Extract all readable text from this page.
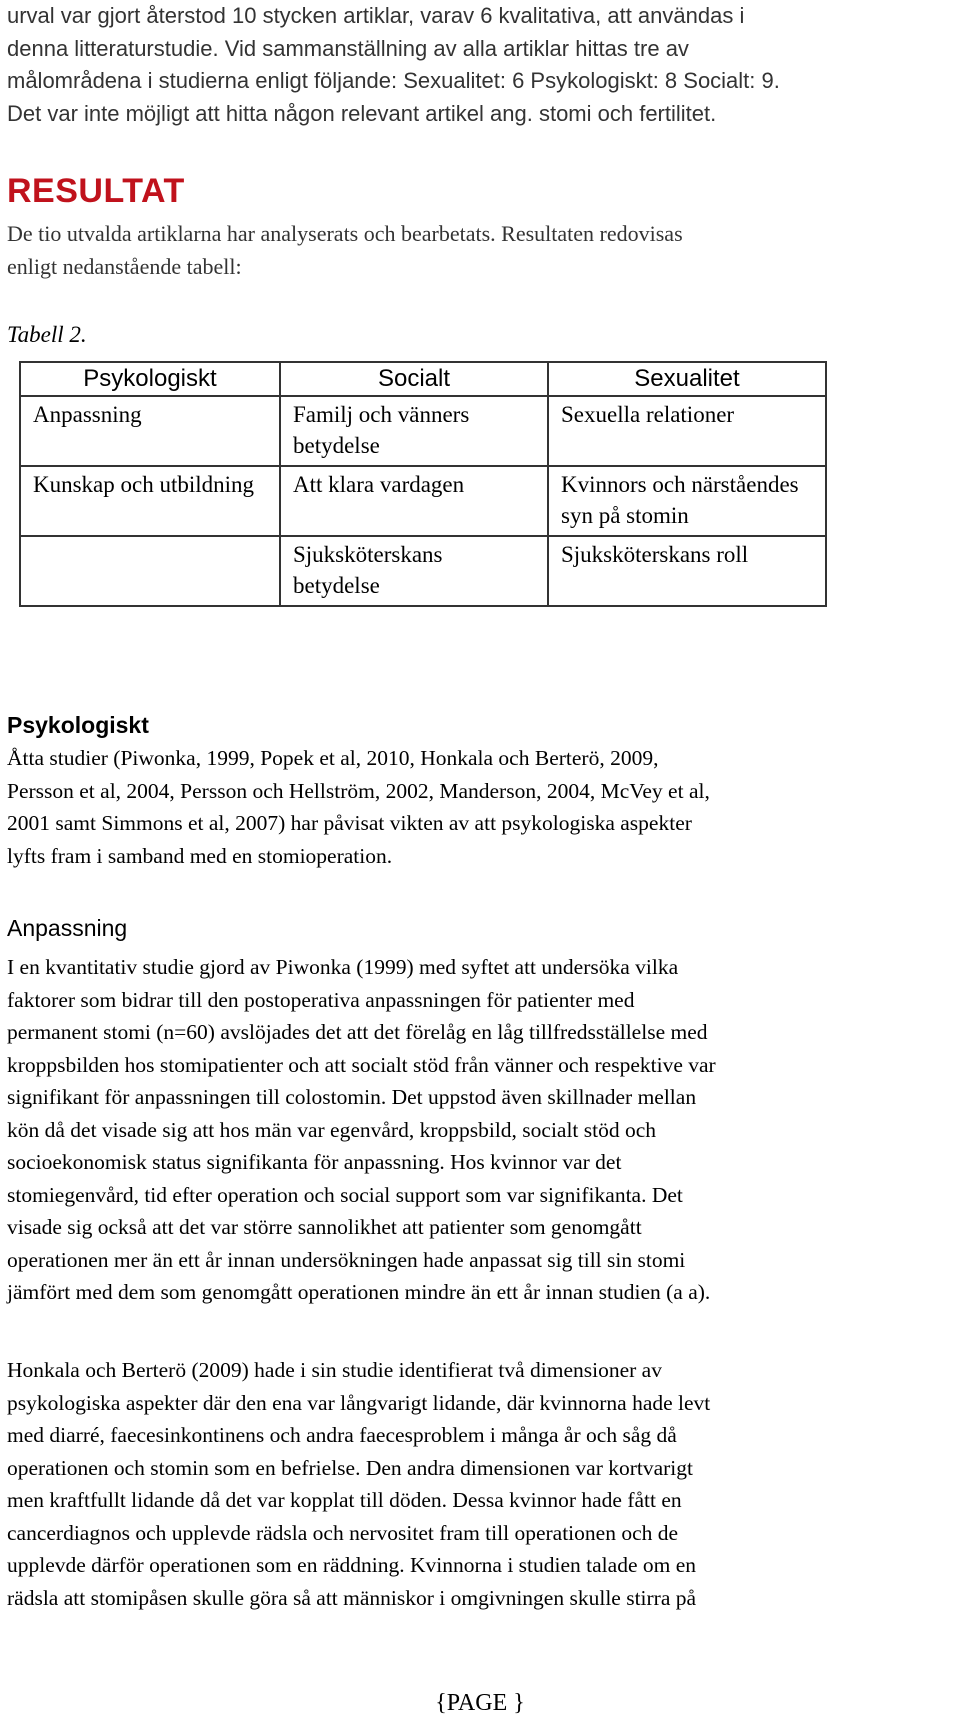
urval var gjort återstod 10 stycken artiklar, varav 6 kvalitativa, att användas i
denna litteraturstudie. Vid sammanställning av alla artiklar hittas tre av
målområdena i studierna enligt följande: Sexualitet: 6 Psykologiskt: 8 Socialt: 9.
Det var inte möjligt att hitta någon relevant artikel ang. stomi och fertilitet.
RESULTAT
De tio utvalda artiklarna har analyserats och bearbetats. Resultaten redovisas
enligt nedanstående tabell:
Tabell 2.
Psykologiskt	Socialt	Sexualitet
Anpassning	Familj och vänners betydelse	Sexuella relationer
Kunskap och utbildning	Att klara vardagen	Kvinnors och närståendes syn på stomin
	Sjuksköterskans betydelse	Sjuksköterskans roll
Psykologiskt
Åtta studier (Piwonka, 1999, Popek et al, 2010, Honkala och Berterö, 2009,
Persson et al, 2004, Persson och Hellström, 2002, Manderson, 2004, McVey et al,
2001 samt Simmons et al, 2007) har påvisat vikten av att psykologiska aspekter
lyfts fram i samband med en stomioperation.
Anpassning
I en kvantitativ studie gjord av Piwonka (1999) med syftet att undersöka vilka
faktorer som bidrar till den postoperativa anpassningen för patienter med
permanent stomi (n=60) avslöjades det att det förelåg en låg tillfredsställelse med
kroppsbilden hos stomipatienter och att socialt stöd från vänner och respektive var
signifikant för anpassningen till colostomin. Det uppstod även skillnader mellan
kön då det visade sig att hos män var egenvård, kroppsbild, socialt stöd och
socioekonomisk status signifikanta för anpassning. Hos kvinnor var det
stomiegenvård, tid efter operation och social support som var signifikanta. Det
visade sig också att det var större sannolikhet att patienter som genomgått
operationen mer än ett år innan undersökningen hade anpassat sig till sin stomi
jämfört med dem som genomgått operationen mindre än ett år innan studien (a a).
Honkala och Berterö (2009) hade i sin studie identifierat två dimensioner av
psykologiska aspekter där den ena var långvarigt lidande, där kvinnorna hade levt
med diarré, faecesinkontinens och andra faecesproblem i många år och såg då
operationen och stomin som en befrielse. Den andra dimensionen var kortvarigt
men kraftfullt lidande då det var kopplat till döden. Dessa kvinnor hade fått en
cancerdiagnos och upplevde rädsla och nervositet fram till operationen och de
upplevde därför operationen som en räddning. Kvinnorna i studien talade om en
rädsla att stomipåsen skulle göra så att människor i omgivningen skulle stirra på
{PAGE }
